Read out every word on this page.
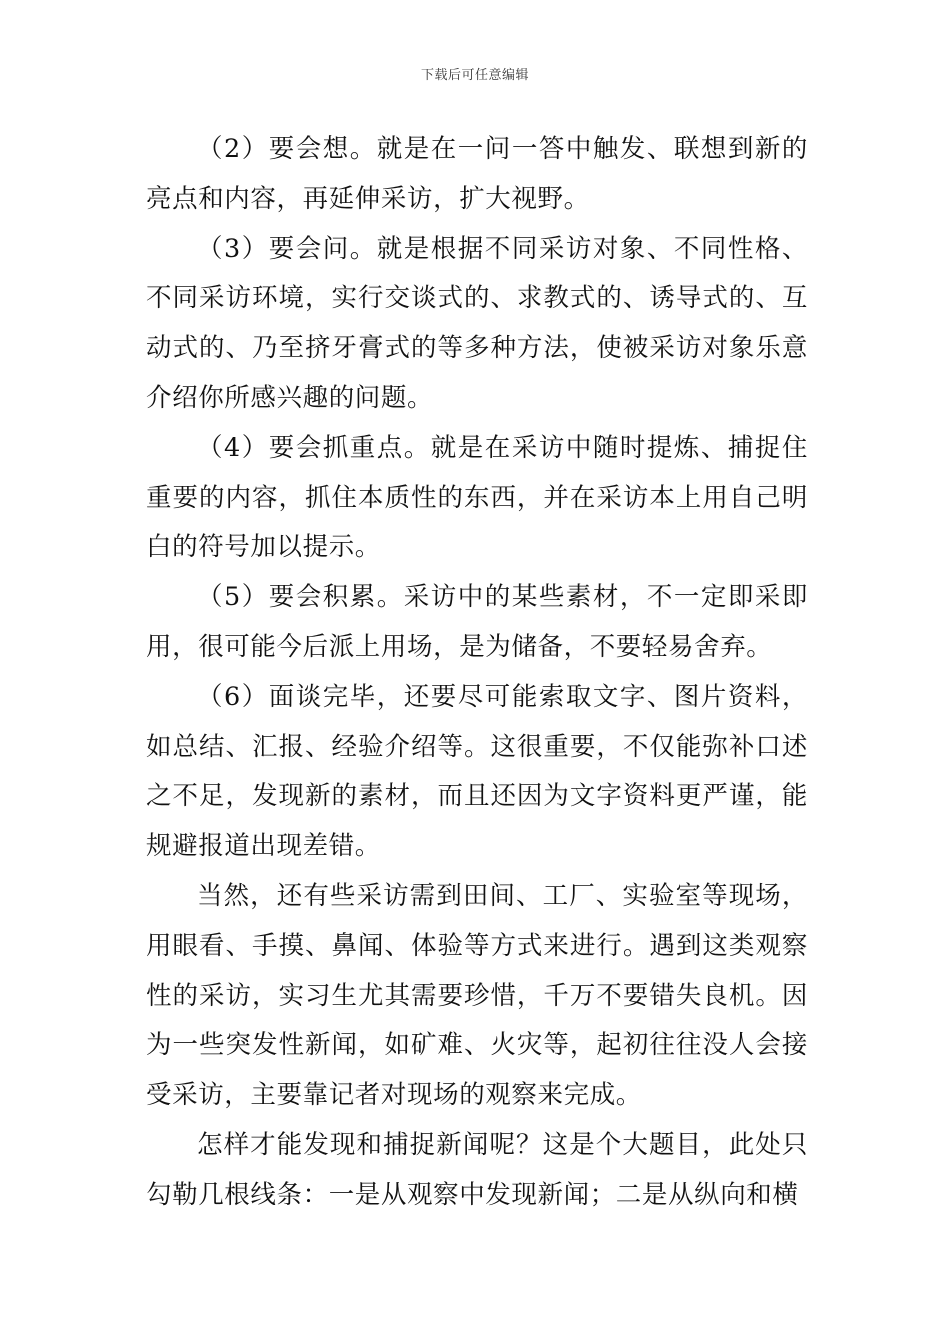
下载后可任意编辑

（2）要会想。就是在一问一答中触发、联想到新的亮点和内容，再延伸采访，扩大视野。

（3）要会问。就是根据不同采访对象、不同性格、不同采访环境，实行交谈式的、求教式的、诱导式的、互动式的、乃至挤牙膏式的等多种方法，使被采访对象乐意介绍你所感兴趣的问题。

（4）要会抓重点。就是在采访中随时提炼、捕捉住重要的内容，抓住本质性的东西，并在采访本上用自己明白的符号加以提示。

（5）要会积累。采访中的某些素材，不一定即采即用，很可能今后派上用场，是为储备，不要轻易舍弃。

（6）面谈完毕，还要尽可能索取文字、图片资料，如总结、汇报、经验介绍等。这很重要，不仅能弥补口述之不足，发现新的素材，而且还因为文字资料更严谨，能规避报道出现差错。

当然，还有些采访需到田间、工厂、实验室等现场，用眼看、手摸、鼻闻、体验等方式来进行。遇到这类观察性的采访，实习生尤其需要珍惜，千万不要错失良机。因为一些突发性新闻，如矿难、火灾等，起初往往没人会接受采访，主要靠记者对现场的观察来完成。

怎样才能发现和捕捉新闻呢？这是个大题目，此处只勾勒几根线条：一是从观察中发现新闻；二是从纵向和横
